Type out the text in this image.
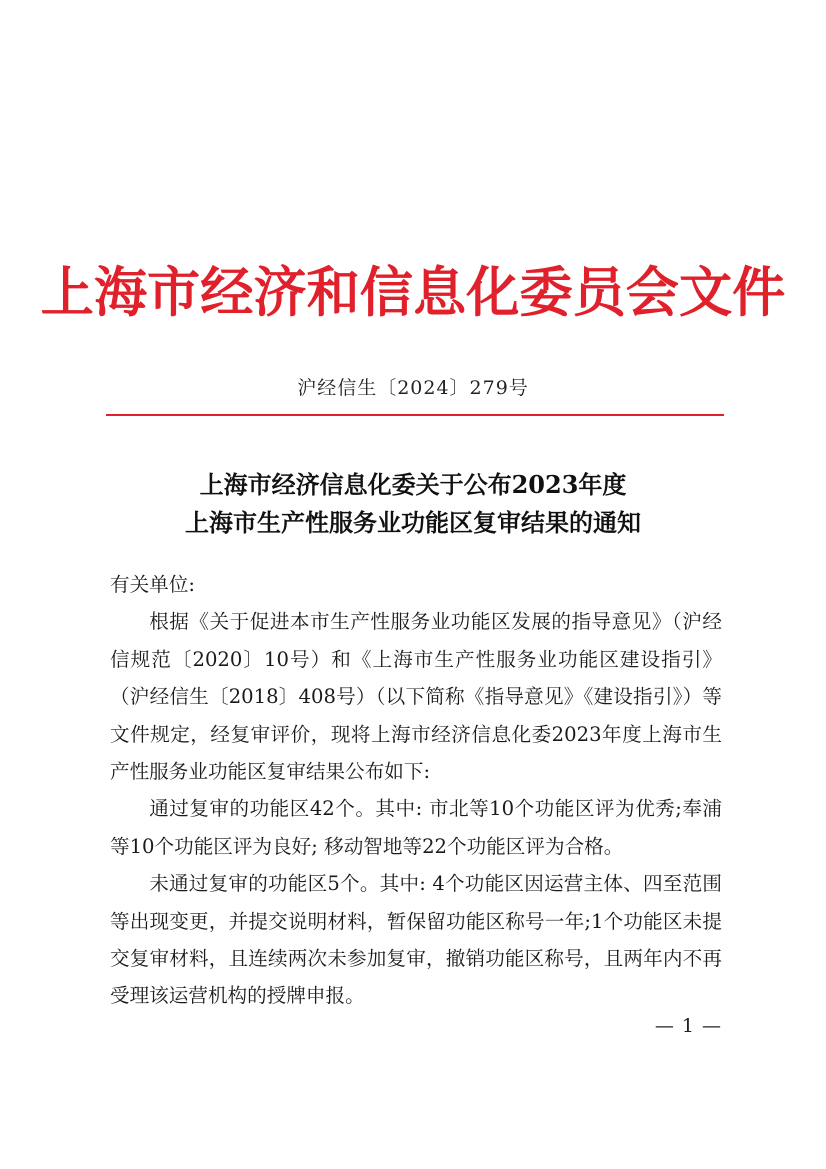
上海市经济和信息化委员会文件
沪经信生〔2024〕279号
上海市经济信息化委关于公布2023年度
上海市生产性服务业功能区复审结果的通知

有关单位:

根据《关于促进本市生产性服务业功能区发展的指导意见》（沪经信规范〔2020〕10号）和《上海市生产性服务业功能区建设指引》（沪经信生〔2018〕408号）（以下简称《指导意见》《建设指引》）等文件规定，经复审评价，现将上海市经济信息化委2023年度上海市生产性服务业功能区复审结果公布如下:

通过复审的功能区42个。其中: 市北等10个功能区评为优秀;奉浦等10个功能区评为良好; 移动智地等22个功能区评为合格。

未通过复审的功能区5个。其中: 4个功能区因运营主体、四至范围等出现变更，并提交说明材料，暂保留功能区称号一年;1个功能区未提交复审材料，且连续两次未参加复审，撤销功能区称号，且两年内不再受理该运营机构的授牌申报。

— 1 —
